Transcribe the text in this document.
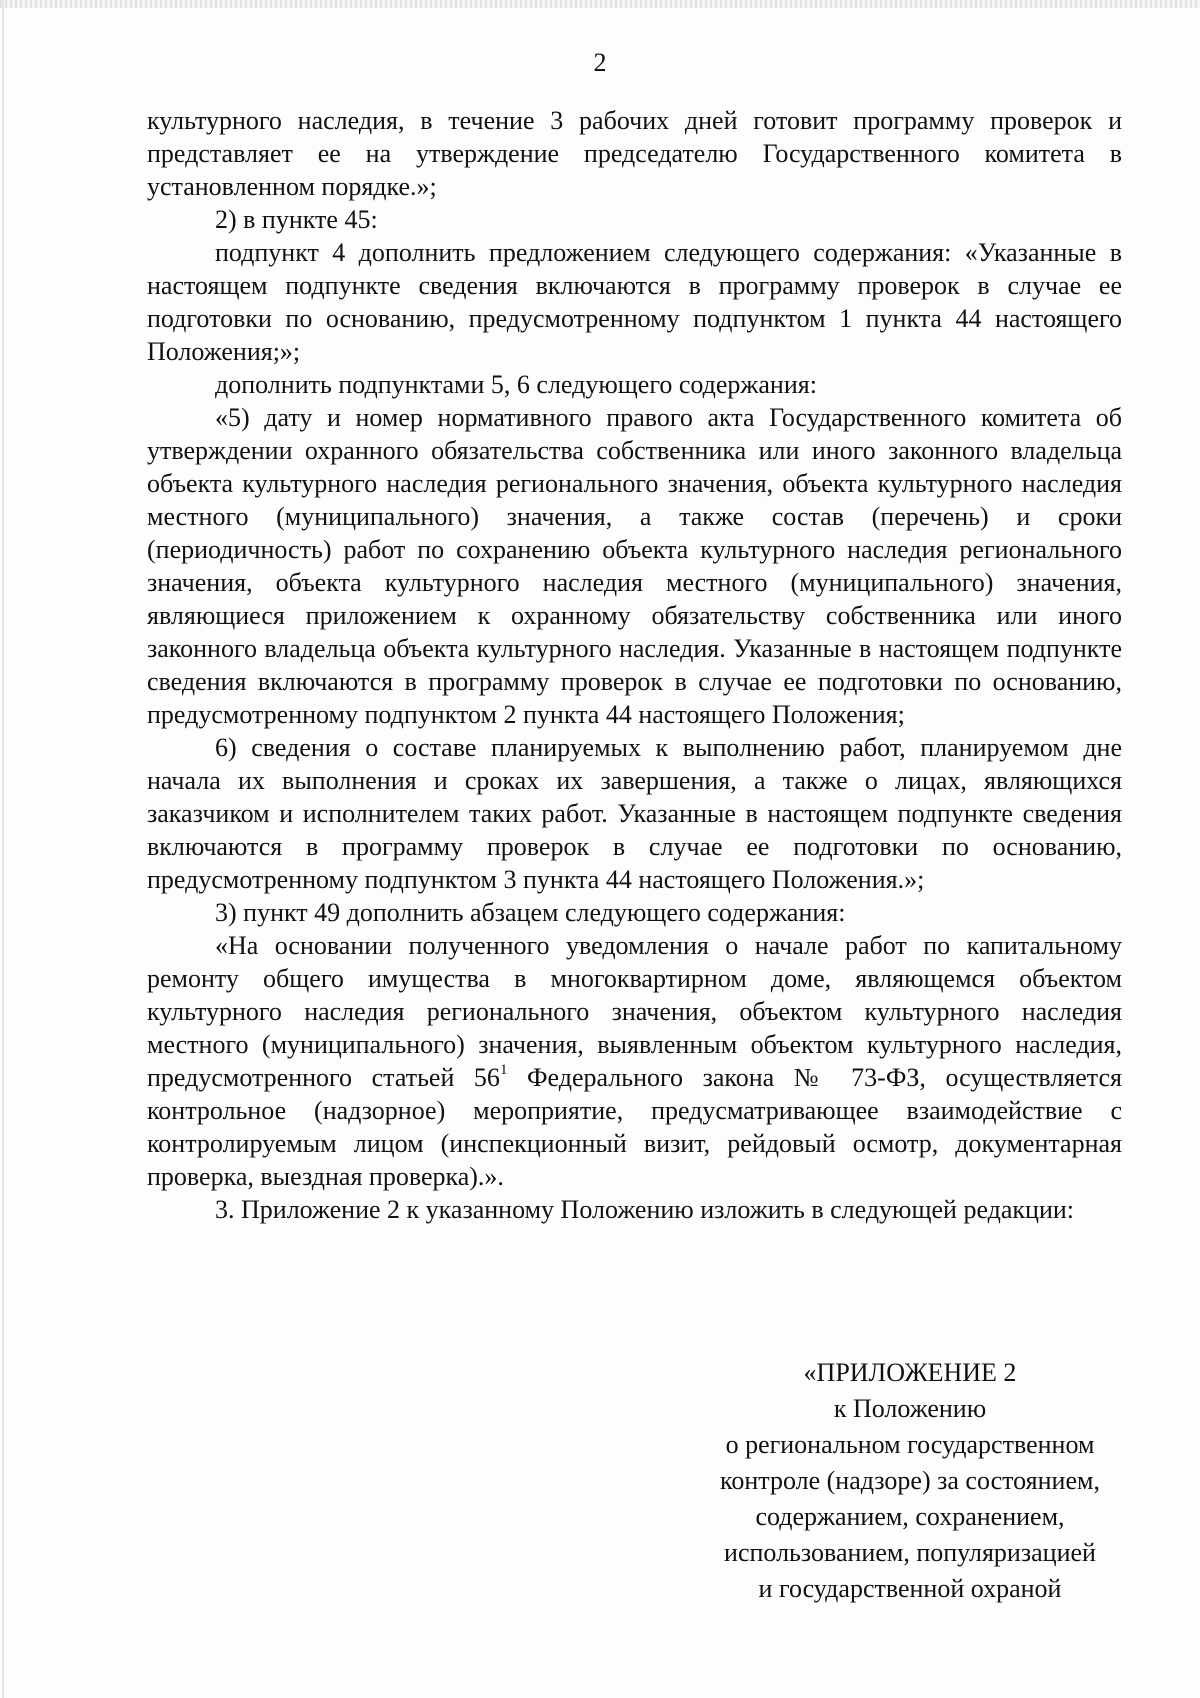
2

культурного наследия, в течение 3 рабочих дней готовит программу проверок и представляет ее на утверждение председателю Государственного комитета в установленном порядке.»;

2) в пункте 45:

подпункт 4 дополнить предложением следующего содержания: «Указанные в настоящем подпункте сведения включаются в программу проверок в случае ее подготовки по основанию, предусмотренному подпунктом 1 пункта 44 настоящего Положения;»;

дополнить подпунктами 5, 6 следующего содержания:

«5) дату и номер нормативного правого акта Государственного комитета об утверждении охранного обязательства собственника или иного законного владельца объекта культурного наследия регионального значения, объекта культурного наследия местного (муниципального) значения, а также состав (перечень) и сроки (периодичность) работ по сохранению объекта культурного наследия регионального значения, объекта культурного наследия местного (муниципального) значения, являющиеся приложением к охранному обязательству собственника или иного законного владельца объекта культурного наследия. Указанные в настоящем подпункте сведения включаются в программу проверок в случае ее подготовки по основанию, предусмотренному подпунктом 2 пункта 44 настоящего Положения;

6) сведения о составе планируемых к выполнению работ, планируемом дне начала их выполнения и сроках их завершения, а также о лицах, являющихся заказчиком и исполнителем таких работ. Указанные в настоящем подпункте сведения включаются в программу проверок в случае ее подготовки по основанию, предусмотренному подпунктом 3 пункта 44 настоящего Положения.»;

3) пункт 49 дополнить абзацем следующего содержания:

«На основании полученного уведомления о начале работ по капитальному ремонту общего имущества в многоквартирном доме, являющемся объектом культурного наследия регионального значения, объектом культурного наследия местного (муниципального) значения, выявленным объектом культурного наследия, предусмотренного статьей 56$^1$ Федерального закона № 73-ФЗ, осуществляется контрольное (надзорное) мероприятие, предусматривающее взаимодействие с контролируемым лицом (инспекционный визит, рейдовый осмотр, документарная проверка, выездная проверка).».

3. Приложение 2 к указанному Положению изложить в следующей редакции:

«ПРИЛОЖЕНИЕ 2
к Положению
о региональном государственном
контроле (надзоре) за состоянием,
содержанием, сохранением,
использованием, популяризацией
и государственной охраной
